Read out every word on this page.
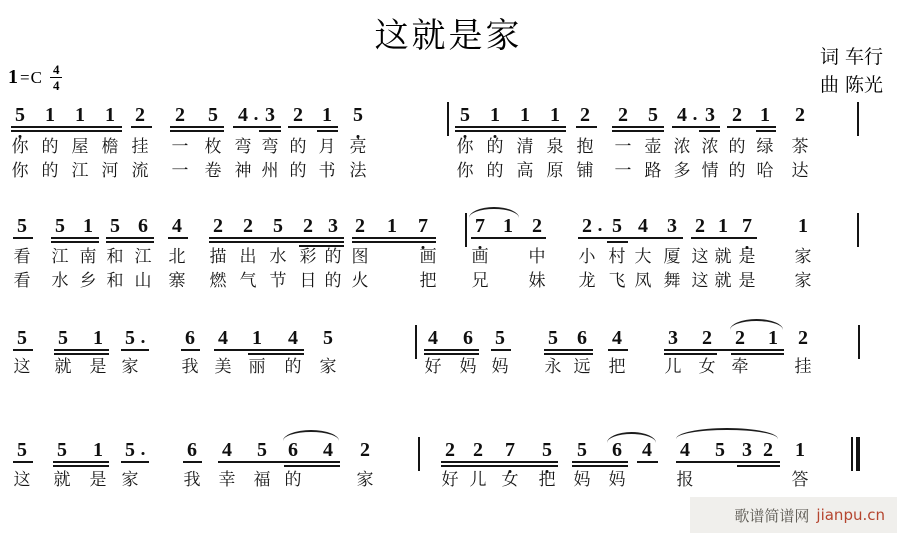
这就是家
词 车行
曲 陈光
$1 =C \frac{4}{4}$
5 1 1 1 2 2 5 4 3 2 1 5	5 1 1 1 2 2 5 4 3 2 1 2
你 的 屋 檐 挂 一 枚 弯 弯 的 月 亮	你 的 清 泉 抱 一 壶 浓 浓 的 绿 茶
你 的 江 河 流 一 卷 神 州 的 书 法	你 的 高 原 铺 一 路 多 情 的 哈 达
5 5 1 5 6 4 2 2 5 2 3 2 1 7 7 1 2 2 5 4 3 2 1 7 1
看 江 南 和 江 北 描 出 水 彩 的 图	画 画 中 小 村 大 厦 这 就 是 家
看 水 乡 和 山 寨 燃 气 节 日 的 火	把 兄 妹 龙 飞 凤 舞 这 就 是 家
5 5 1 5	6 4 1 4 5	4 6 5 5 6 4 3 2 2 1 2
这 就 是 家	我 美 丽 的 家	好 妈 妈 永 远 把 儿 女 牵	挂
5 5 1 5	6 4 5 6 4 2	2 2 7 5 5 6 4 4 5 3 2 1
这 就 是 家	我 幸 福 的	家	好 儿 女 把 妈 妈	报	答
歌谱简谱网 jianpu.cn
